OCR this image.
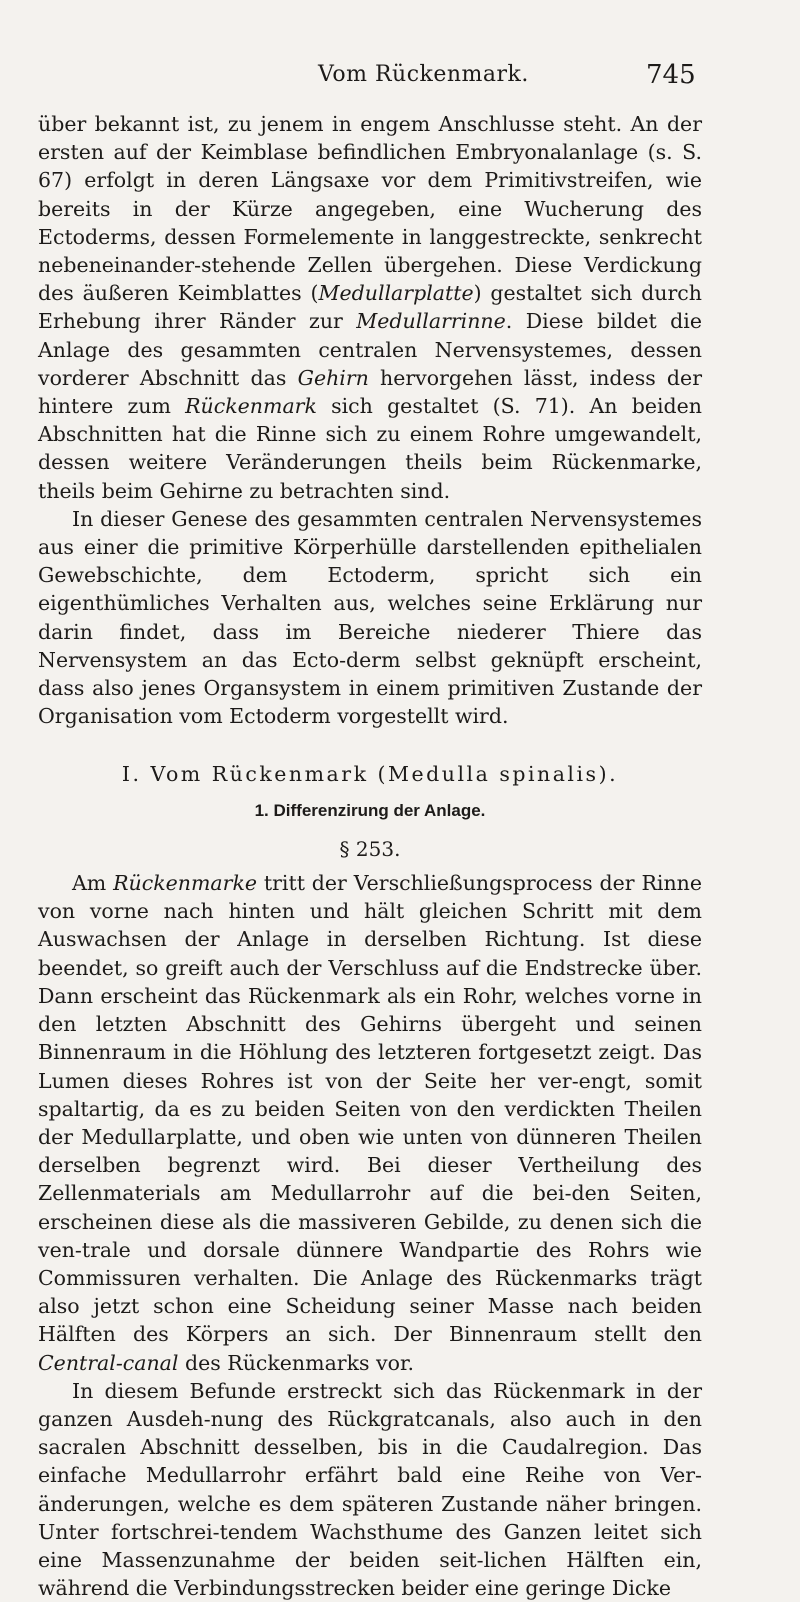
Vom Rückenmark.	745

über bekannt ist, zu jenem in engem Anschlusse steht. An der ersten auf der Keimblase befindlichen Embryonalanlage (s. S. 67) erfolgt in deren Längsaxe vor dem Primitivstreifen, wie bereits in der Kürze angegeben, eine Wucherung des Ectoderms, dessen Formelemente in langgestreckte, senkrecht nebeneinander-stehende Zellen übergehen. Diese Verdickung des äußeren Keimblattes (Medullarplatte) gestaltet sich durch Erhebung ihrer Ränder zur Medullarrinne. Diese bildet die Anlage des gesammten centralen Nervensystemes, dessen vorderer Abschnitt das Gehirn hervorgehen lässt, indess der hintere zum Rückenmark sich gestaltet (S. 71). An beiden Abschnitten hat die Rinne sich zu einem Rohre umgewandelt, dessen weitere Veränderungen theils beim Rückenmarke, theils beim Gehirne zu betrachten sind.

In dieser Genese des gesammten centralen Nervensystemes aus einer die primitive Körperhülle darstellenden epithelialen Gewebschichte, dem Ectoderm, spricht sich ein eigenthümliches Verhalten aus, welches seine Erklärung nur darin findet, dass im Bereiche niederer Thiere das Nervensystem an das Ecto-derm selbst geknüpft erscheint, dass also jenes Organsystem in einem primitiven Zustande der Organisation vom Ectoderm vorgestellt wird.

I. Vom Rückenmark (Medulla spinalis).
1. Differenzirung der Anlage.
§ 253.

Am Rückenmarke tritt der Verschließungsprocess der Rinne von vorne nach hinten und hält gleichen Schritt mit dem Auswachsen der Anlage in derselben Richtung. Ist diese beendet, so greift auch der Verschluss auf die Endstrecke über. Dann erscheint das Rückenmark als ein Rohr, welches vorne in den letzten Abschnitt des Gehirns übergeht und seinen Binnenraum in die Höhlung des letzteren fortgesetzt zeigt. Das Lumen dieses Rohres ist von der Seite her ver-engt, somit spaltartig, da es zu beiden Seiten von den verdickten Theilen der Medullarplatte, und oben wie unten von dünneren Theilen derselben begrenzt wird. Bei dieser Vertheilung des Zellenmaterials am Medullarrohr auf die bei-den Seiten, erscheinen diese als die massiveren Gebilde, zu denen sich die ven-trale und dorsale dünnere Wandpartie des Rohrs wie Commissuren verhalten. Die Anlage des Rückenmarks trägt also jetzt schon eine Scheidung seiner Masse nach beiden Hälften des Körpers an sich. Der Binnenraum stellt den Central-canal des Rückenmarks vor.

In diesem Befunde erstreckt sich das Rückenmark in der ganzen Ausdeh-nung des Rückgratcanals, also auch in den sacralen Abschnitt desselben, bis in die Caudalregion. Das einfache Medullarrohr erfährt bald eine Reihe von Ver-änderungen, welche es dem späteren Zustande näher bringen. Unter fortschrei-tendem Wachsthume des Ganzen leitet sich eine Massenzunahme der beiden seit-lichen Hälften ein, während die Verbindungsstrecken beider eine geringe Dicke
